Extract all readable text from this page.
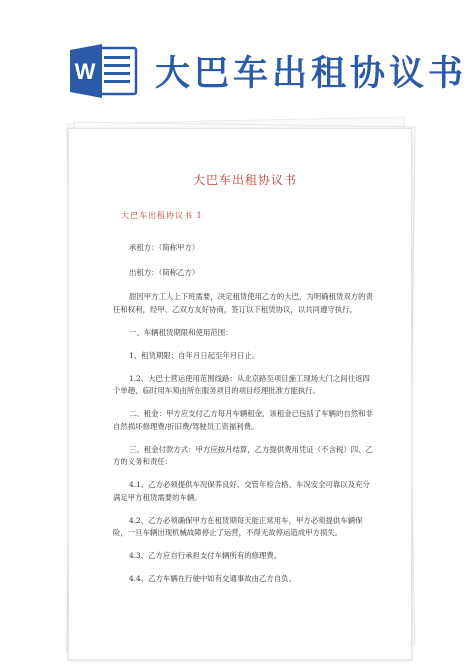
W 大巴车出租协议书
大巴车出租协议书
大巴车出租协议书 1

承租方：（简称甲方）

出租方：（简称乙方）

甜因甲方工人上下班需要，决定租赁使用乙方的大巴，为明确租赁双方的责任和权利，经甲、乙双方友好协商，签订以下租赁协议，以共同遵守执行。

一、车辆租赁期限和使用范围：

1、租赁期限：自年月日起至年月日止。

1.2、大巴士营运使用范围线路：从北京路至项目施工现场大门之间往返四个单趟，临时用车须由所在服务项目的项目经理批准方能执行。

二、租金：甲方应支付乙方每月车辆租金，该租金已包括了车辆的自然和非自然损坏修理费/折旧费/驾驶员工资福利费。

三、租金付款方式：甲方应按月结算，乙方提供费用凭证（不含税）四、乙方的义务和责任：

4.1、乙方必须提供车况保养良好、交管年检合格、车况安全可靠以及充分满足甲方租赁需要的车辆。

4.2、乙方必须确保甲方在租赁期每天能正常用车，甲方必须提供车辆保险，一旦车辆出现机械故障停止了运营，不得无故停运造成甲方损失。

4.3、乙方应自行承担支付车辆所有的修理费。

4.4、乙方车辆在行驶中如有交通事故由乙方自负。
